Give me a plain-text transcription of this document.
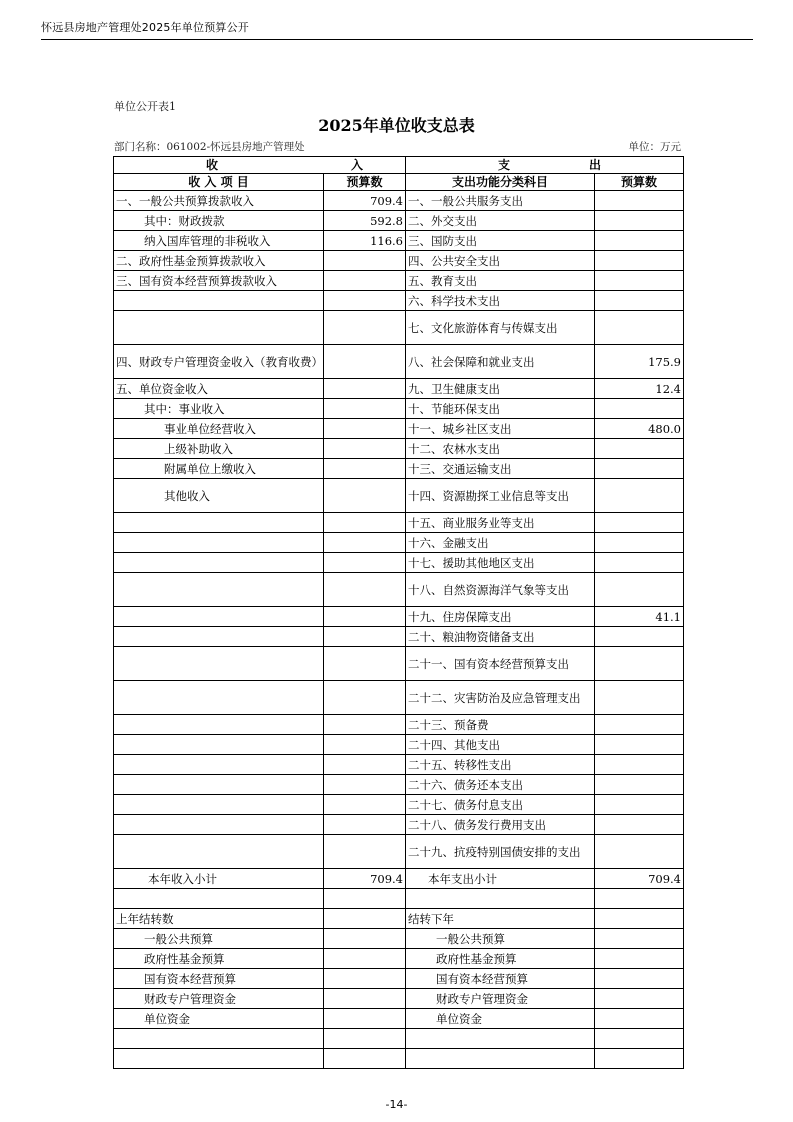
怀远县房地产管理处2025年单位预算公开
单位公开表1
2025年单位收支总表
部门名称：061002-怀远县房地产管理处	单位：万元
收 入		支 出	

收 入 项 目	预算数	支出功能分类科目	预算数
一、一般公共预算拨款收入	709.4	一、一般公共服务支出	
其中：财政拨款	592.8	二、外交支出	
纳入国库管理的非税收入	116.6	三、国防支出	
二、政府性基金预算拨款收入		四、公共安全支出	
三、国有资本经营预算拨款收入		五、教育支出	
		六、科学技术支出	
		七、文化旅游体育与传媒支出	
四、财政专户管理资金收入（教育收费）		八、社会保障和就业支出	175.9
五、单位资金收入		九、卫生健康支出	12.4
其中：事业收入		十、节能环保支出	
事业单位经营收入		十一、城乡社区支出	480.0
上级补助收入		十二、农林水支出	
附属单位上缴收入		十三、交通运输支出	
其他收入		十四、资源勘探工业信息等支出	
		十五、商业服务业等支出	
		十六、金融支出	
		十七、援助其他地区支出	
		十八、自然资源海洋气象等支出	
		十九、住房保障支出	41.1
		二十、粮油物资储备支出	
		二十一、国有资本经营预算支出	
		二十二、灾害防治及应急管理支出	
		二十三、预备费	
		二十四、其他支出	
		二十五、转移性支出	
		二十六、债务还本支出	
		二十七、债务付息支出	
		二十八、债务发行费用支出	
		二十九、抗疫特别国债安排的支出	
本年收入小计	709.4	本年支出小计	709.4

上年结转数		结转下年	
一般公共预算		一般公共预算	
政府性基金预算		政府性基金预算	
国有资本经营预算		国有资本经营预算	
财政专户管理资金		财政专户管理资金	
单位资金		单位资金	

-14-
